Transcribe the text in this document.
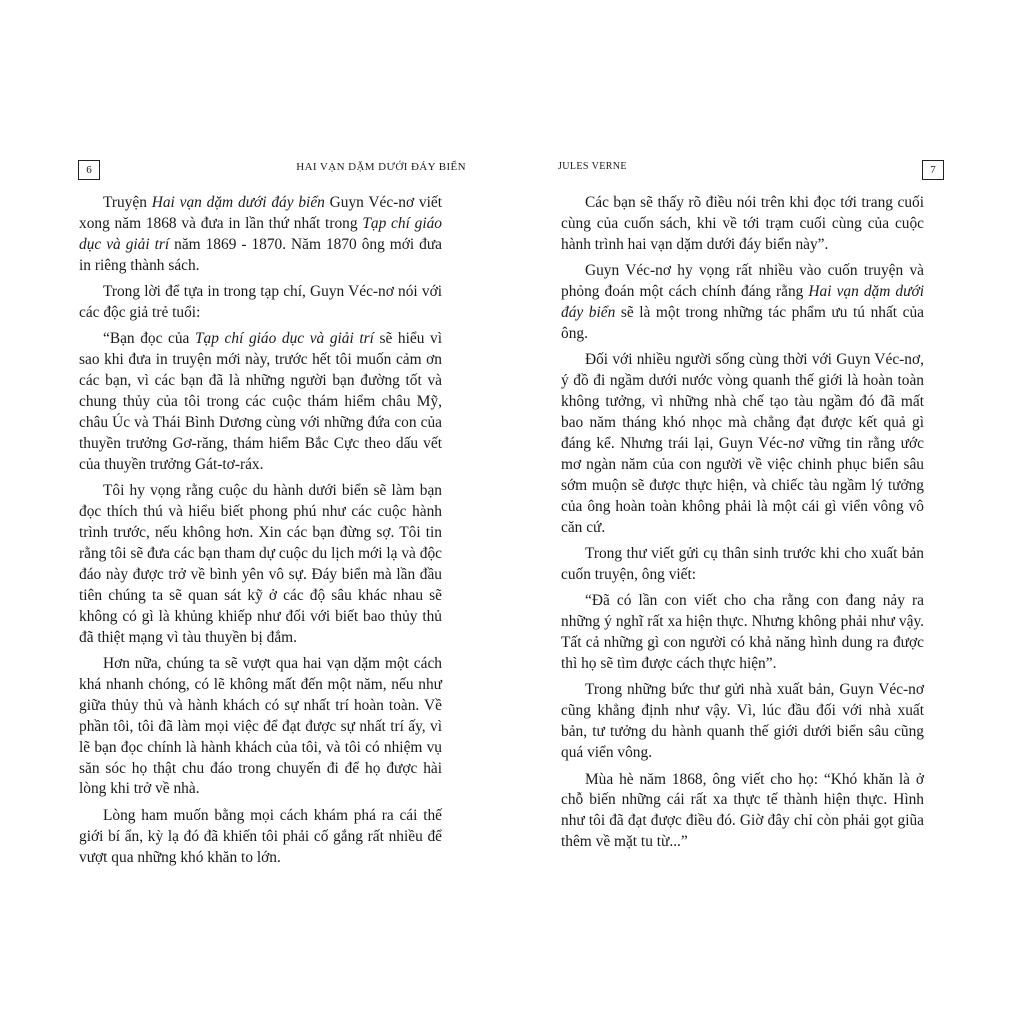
6	HAI VẠN DẶM DƯỚI ĐÁY BIỂN

Truyện Hai vạn dặm dưới đáy biển Guyn Véc-nơ viết xong năm 1868 và đưa in lần thứ nhất trong Tạp chí giáo dục và giải trí năm 1869 - 1870. Năm 1870 ông mới đưa in riêng thành sách.

Trong lời để tựa in trong tạp chí, Guyn Véc-nơ nói với các độc giả trẻ tuổi:

“Bạn đọc của Tạp chí giáo dục và giải trí sẽ hiểu vì sao khi đưa in truyện mới này, trước hết tôi muốn cảm ơn các bạn, vì các bạn đã là những người bạn đường tốt và chung thủy của tôi trong các cuộc thám hiểm châu Mỹ, châu Úc và Thái Bình Dương cùng với những đứa con của thuyền trưởng Gơ-răng, thám hiểm Bắc Cực theo dấu vết của thuyền trưởng Gát-tơ-ráx.

Tôi hy vọng rằng cuộc du hành dưới biển sẽ làm bạn đọc thích thú và hiểu biết phong phú như các cuộc hành trình trước, nếu không hơn. Xin các bạn đừng sợ. Tôi tin rằng tôi sẽ đưa các bạn tham dự cuộc du lịch mới lạ và độc đáo này được trở về bình yên vô sự. Đáy biển mà lần đầu tiên chúng ta sẽ quan sát kỹ ở các độ sâu khác nhau sẽ không có gì là khủng khiếp như đối với biết bao thủy thủ đã thiệt mạng vì tàu thuyền bị đắm.

Hơn nữa, chúng ta sẽ vượt qua hai vạn dặm một cách khá nhanh chóng, có lẽ không mất đến một năm, nếu như giữa thủy thủ và hành khách có sự nhất trí hoàn toàn. Về phần tôi, tôi đã làm mọi việc để đạt được sự nhất trí ấy, vì lẽ bạn đọc chính là hành khách của tôi, và tôi có nhiệm vụ săn sóc họ thật chu đáo trong chuyến đi để họ được hài lòng khi trở về nhà.

Lòng ham muốn bằng mọi cách khám phá ra cái thế giới bí ẩn, kỳ lạ đó đã khiến tôi phải cố gắng rất nhiều để vượt qua những khó khăn to lớn.

JULES VERNE	7

Các bạn sẽ thấy rõ điều nói trên khi đọc tới trang cuối cùng của cuốn sách, khi về tới trạm cuối cùng của cuộc hành trình hai vạn dặm dưới đáy biển này”.

Guyn Véc-nơ hy vọng rất nhiều vào cuốn truyện và phỏng đoán một cách chính đáng rằng Hai vạn dặm dưới đáy biển sẽ là một trong những tác phẩm ưu tú nhất của ông.

Đối với nhiều người sống cùng thời với Guyn Véc-nơ, ý đồ đi ngầm dưới nước vòng quanh thế giới là hoàn toàn không tưởng, vì những nhà chế tạo tàu ngầm đó đã mất bao năm tháng khó nhọc mà chẳng đạt được kết quả gì đáng kể. Nhưng trái lại, Guyn Véc-nơ vững tin rằng ước mơ ngàn năm của con người về việc chinh phục biển sâu sớm muộn sẽ được thực hiện, và chiếc tàu ngầm lý tưởng của ông hoàn toàn không phải là một cái gì viển vông vô căn cứ.

Trong thư viết gửi cụ thân sinh trước khi cho xuất bản cuốn truyện, ông viết:

“Đã có lần con viết cho cha rằng con đang nảy ra những ý nghĩ rất xa hiện thực. Nhưng không phải như vậy. Tất cả những gì con người có khả năng hình dung ra được thì họ sẽ tìm được cách thực hiện”.

Trong những bức thư gửi nhà xuất bản, Guyn Véc-nơ cũng khẳng định như vậy. Vì, lúc đầu đối với nhà xuất bản, tư tưởng du hành quanh thế giới dưới biển sâu cũng quá viển vông.

Mùa hè năm 1868, ông viết cho họ: “Khó khăn là ở chỗ biến những cái rất xa thực tế thành hiện thực. Hình như tôi đã đạt được điều đó. Giờ đây chỉ còn phải gọt giũa thêm về mặt tu từ...”
